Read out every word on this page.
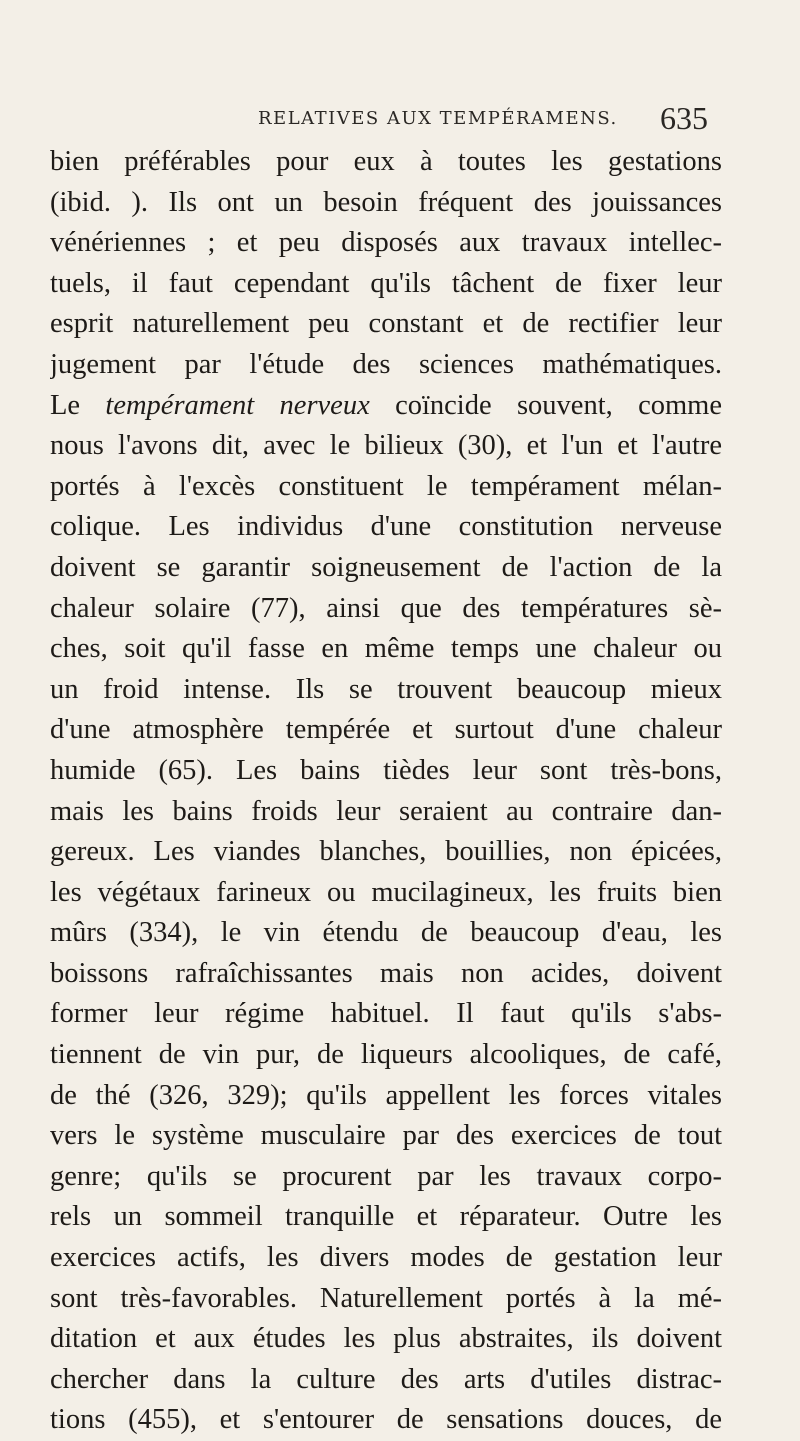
RELATIVES AUX TEMPÉRAMENS. 635
bien préférables pour eux à toutes les gestations
(ibid. ). Ils ont un besoin fréquent des jouissances
vénériennes ; et peu disposés aux travaux intellec-
tuels, il faut cependant qu'ils tâchent de fixer leur
esprit naturellement peu constant et de rectifier leur
jugement par l'étude des sciences mathématiques.
Le tempérament nerveux coïncide souvent, comme
nous l'avons dit, avec le bilieux (30), et l'un et l'autre
portés à l'excès constituent le tempérament mélan-
colique. Les individus d'une constitution nerveuse
doivent se garantir soigneusement de l'action de la
chaleur solaire (77), ainsi que des températures sè-
ches, soit qu'il fasse en même temps une chaleur ou
un froid intense. Ils se trouvent beaucoup mieux
d'une atmosphère tempérée et surtout d'une chaleur
humide (65). Les bains tièdes leur sont très-bons,
mais les bains froids leur seraient au contraire dan-
gereux. Les viandes blanches, bouillies, non épicées,
les végétaux farineux ou mucilagineux, les fruits bien
mûrs (334), le vin étendu de beaucoup d'eau, les
boissons rafraîchissantes mais non acides, doivent
former leur régime habituel. Il faut qu'ils s'abs-
tiennent de vin pur, de liqueurs alcooliques, de café,
de thé (326, 329); qu'ils appellent les forces vitales
vers le système musculaire par des exercices de tout
genre; qu'ils se procurent par les travaux corpo-
rels un sommeil tranquille et réparateur. Outre les
exercices actifs, les divers modes de gestation leur
sont très-favorables. Naturellement portés à la mé-
ditation et aux études les plus abstraites, ils doivent
chercher dans la culture des arts d'utiles distrac-
tions (455), et s'entourer de sensations douces, de
